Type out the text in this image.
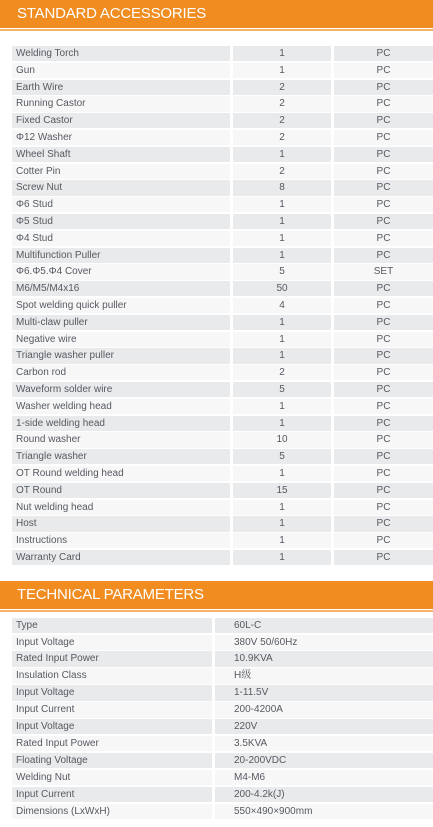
STANDARD ACCESSORIES
Welding Torch	1	PC
Gun	1	PC
Earth Wire	2	PC
Running Castor	2	PC
Fixed Castor	2	PC
Φ12 Washer	2	PC
Wheel Shaft	1	PC
Cotter Pin	2	PC
Screw Nut	8	PC
Φ6 Stud	1	PC
Φ5 Stud	1	PC
Φ4 Stud	1	PC
Multifunction Puller	1	PC
Φ6.Φ5.Φ4 Cover	5	SET
M6/M5/M4x16	50	PC
Spot welding quick puller	4	PC
Multi-claw puller	1	PC
Negative wire	1	PC
Triangle washer puller	1	PC
Carbon rod	2	PC
Waveform solder wire	5	PC
Washer welding head	1	PC
1-side welding head	1	PC
Round washer	10	PC
Triangle washer	5	PC
OT Round welding head	1	PC
OT Round	15	PC
Nut welding head	1	PC
Host	1	PC
Instructions	1	PC
Warranty Card	1	PC
TECHNICAL PARAMETERS
Type	60L-C
Input Voltage	380V 50/60Hz
Rated Input Power	10.9KVA
Insulation Class	H级
Input Voltage	1-11.5V
Input Current	200-4200A
Input Voltage	220V
Rated Input Power	3.5KVA
Floating Voltage	20-200VDC
Welding Nut	M4-M6
Input Current	200-4.2k(J)
Dimensions (LxWxH)	550×490×900mm
